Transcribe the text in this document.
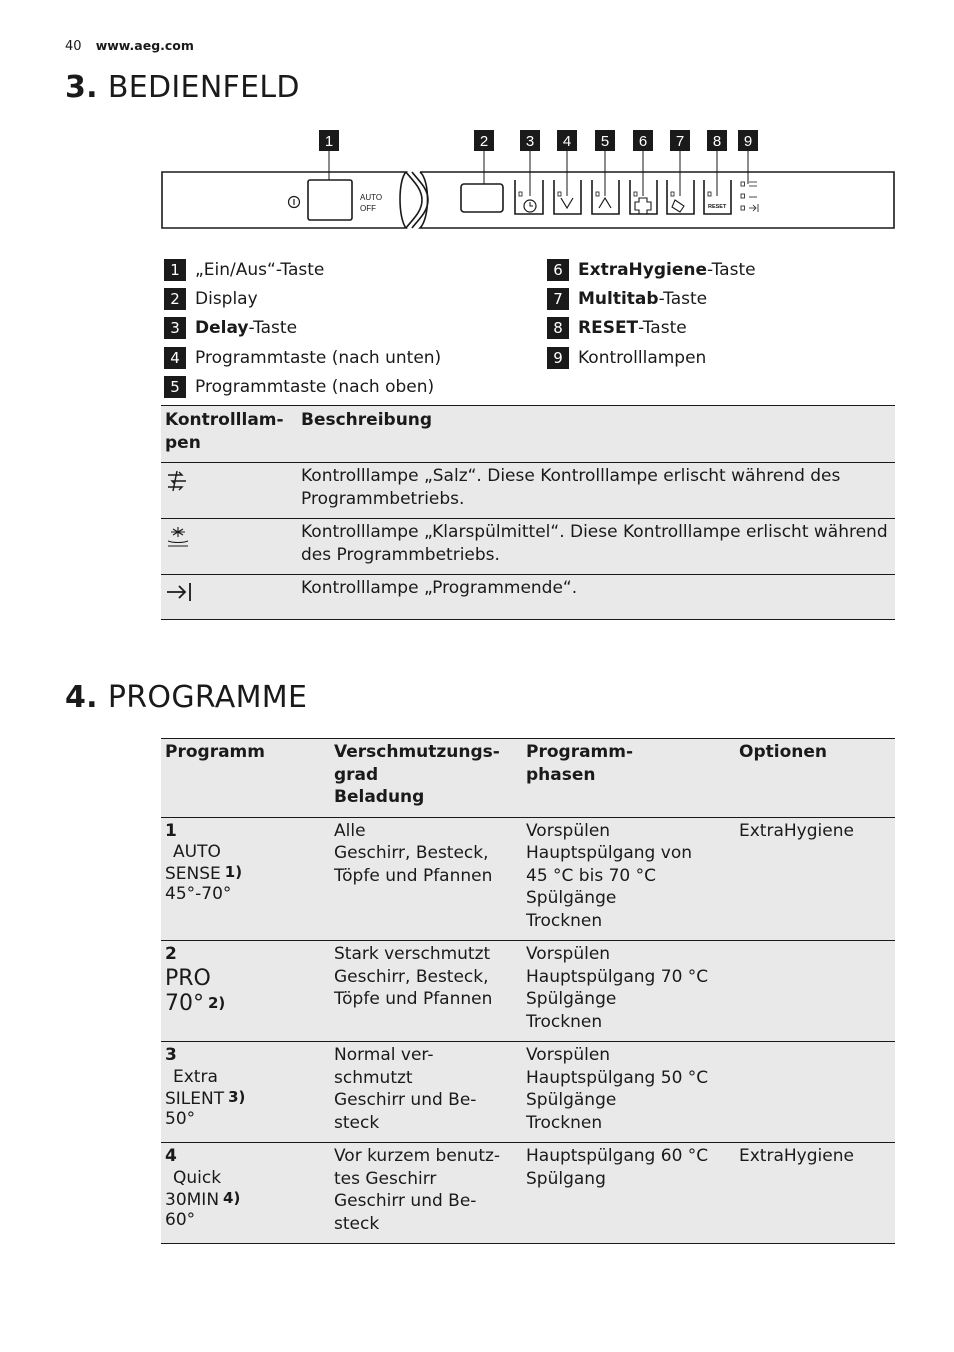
40 www.aeg.com
3. BEDIENFELD
AUTO
OFF	RESET
1	2	3 4 5 6 7 8 9
1 „Ein/Aus“-Taste
2 Display
3 Delay -Taste
4 Programmtaste (nach unten)
5 Programmtaste (nach oben)
6 ExtraHygiene -Taste
7 Multitab -Taste
8 RESET -Taste
9 Kontrolllampen
Kontrolllam-
pen	Beschreibung
	Kontrolllampe „Salz“. Diese Kontrolllampe erlischt während des Programmbetriebs.
	Kontrolllampe „Klarspülmittel“. Diese Kontrolllampe erlischt während des Programmbetriebs.
	Kontrolllampe „Programmende“.
4. PROGRAMME
Programm	Verschmutzungs-
grad
Beladung	Programm-
phasen	Optionen

1
AUTO
SENSE 1)
45°-70°	Alle
Geschirr, Besteck,
Töpfe und Pfannen	Vorspülen
Hauptspülgang von
45 °C bis 70 °C
Spülgänge
Trocknen	ExtraHygiene

2
PRO
70° 2)	Stark verschmutzt
Geschirr, Besteck,
Töpfe und Pfannen	Vorspülen
Hauptspülgang 70 °C
Spülgänge
Trocknen	

3
Extra
SILENT 3)
50°	Normal ver-
schmutzt
Geschirr und Be-
steck	Vorspülen
Hauptspülgang 50 °C
Spülgänge
Trocknen	

4
Quick
30MIN 4)
60°	Vor kurzem benutz-
tes Geschirr
Geschirr und Be-
steck	Hauptspülgang 60 °C
Spülgang	ExtraHygiene
